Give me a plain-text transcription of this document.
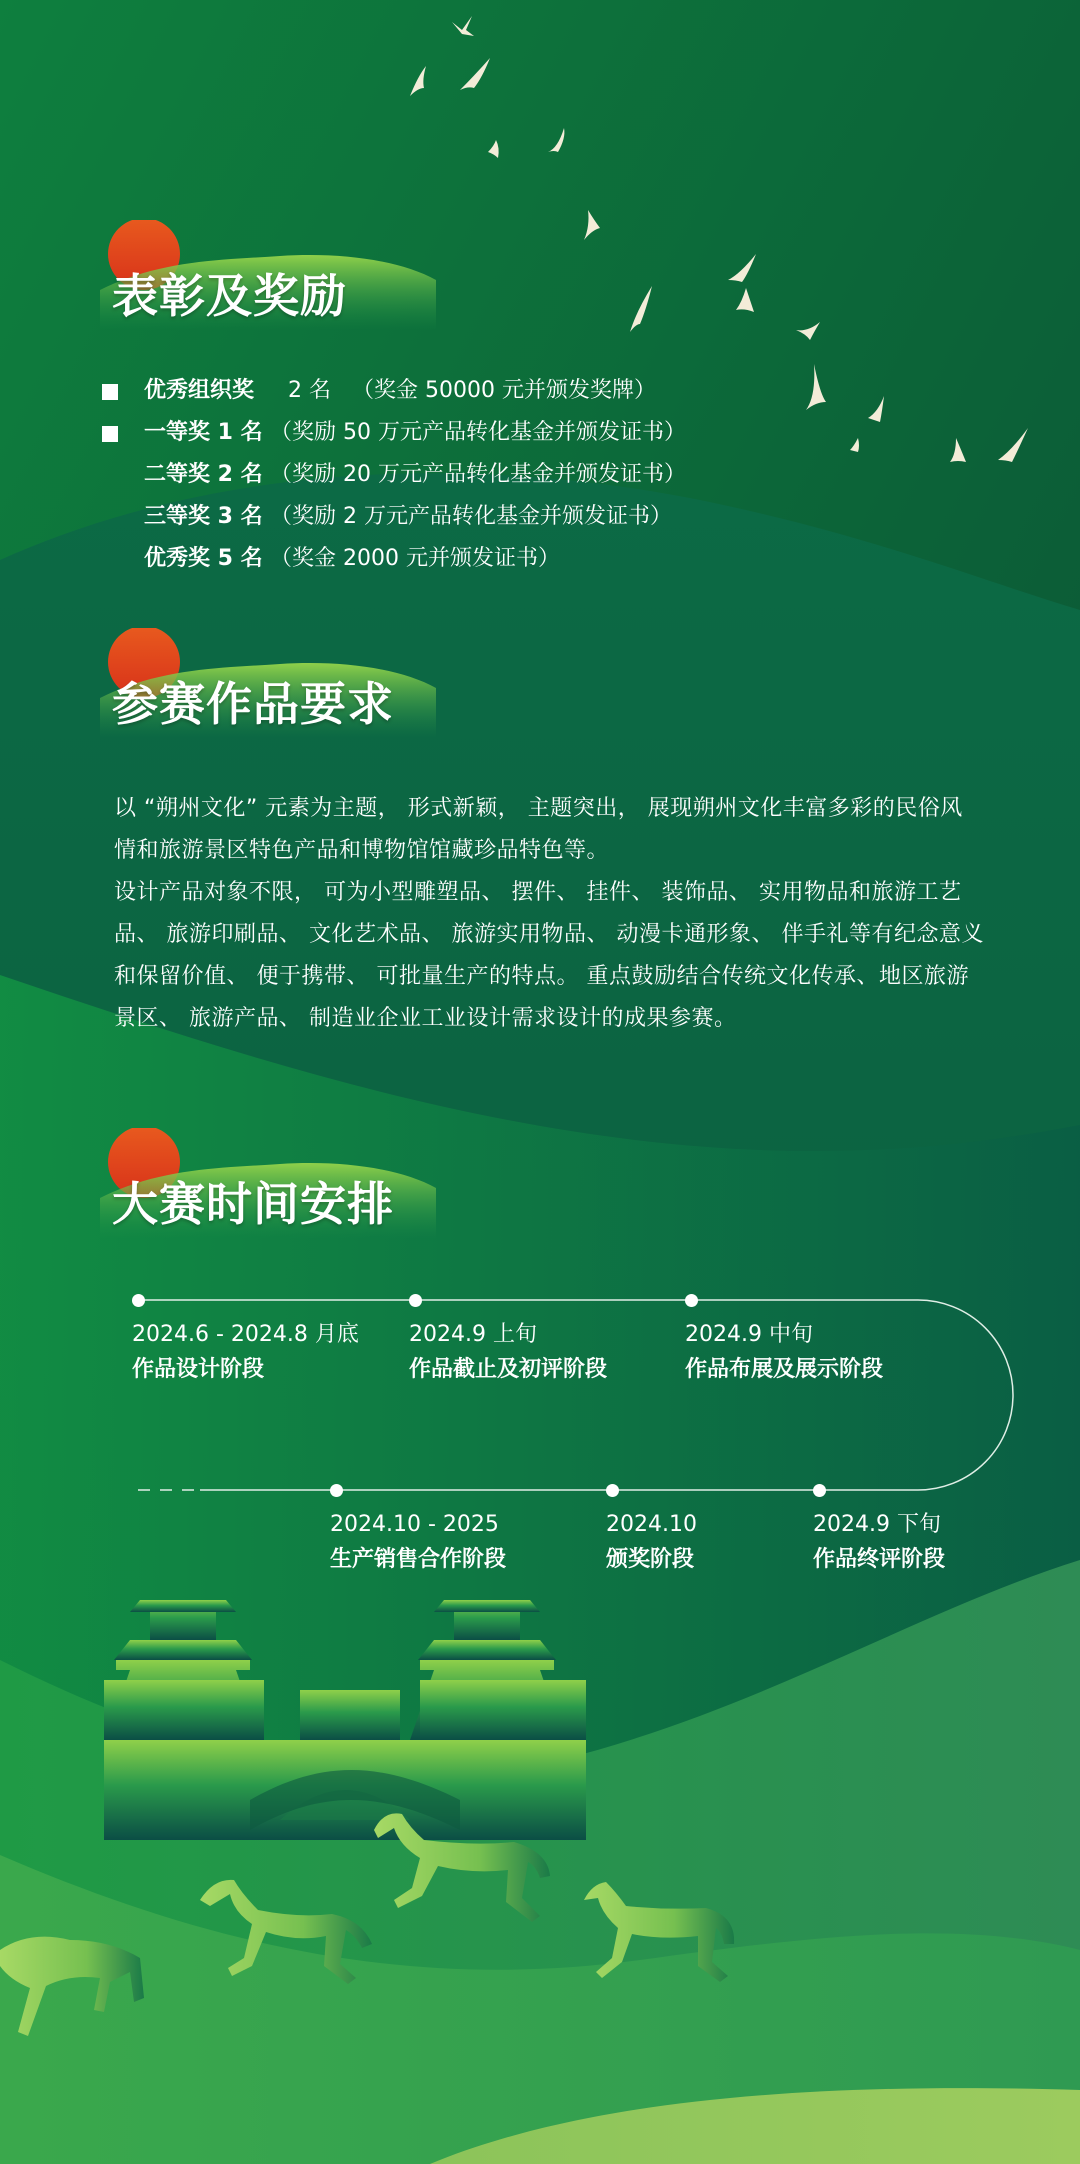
表彰及奖励
优秀组织奖 2 名 （奖金 50000 元并颁发奖牌）
一等奖 1 名 （奖励 50 万元产品转化基金并颁发证书）
二等奖 2 名 （奖励 20 万元产品转化基金并颁发证书）
三等奖 3 名 （奖励 2 万元产品转化基金并颁发证书）
优秀奖 5 名 （奖金 2000 元并颁发证书）
参赛作品要求

以 “朔州文化” 元素为主题， 形式新颖， 主题突出， 展现朔州文化丰富多彩的民俗风情和旅游景区特色产品和博物馆馆藏珍品特色等。

设计产品对象不限， 可为小型雕塑品、 摆件、 挂件、 装饰品、 实用物品和旅游工艺品、 旅游印刷品、 文化艺术品、 旅游实用物品、 动漫卡通形象、 伴手礼等有纪念意义和保留价值、 便于携带、 可批量生产的特点。 重点鼓励结合传统文化传承、地区旅游景区、 旅游产品、 制造业企业工业设计需求设计的成果参赛。

大赛时间安排
2024.6 - 2024.8 月底
作品设计阶段
2024.9 上旬
作品截止及初评阶段
2024.9 中旬
作品布展及展示阶段
2024.9 下旬
作品终评阶段
2024.10
颁奖阶段
2024.10 - 2025
生产销售合作阶段
